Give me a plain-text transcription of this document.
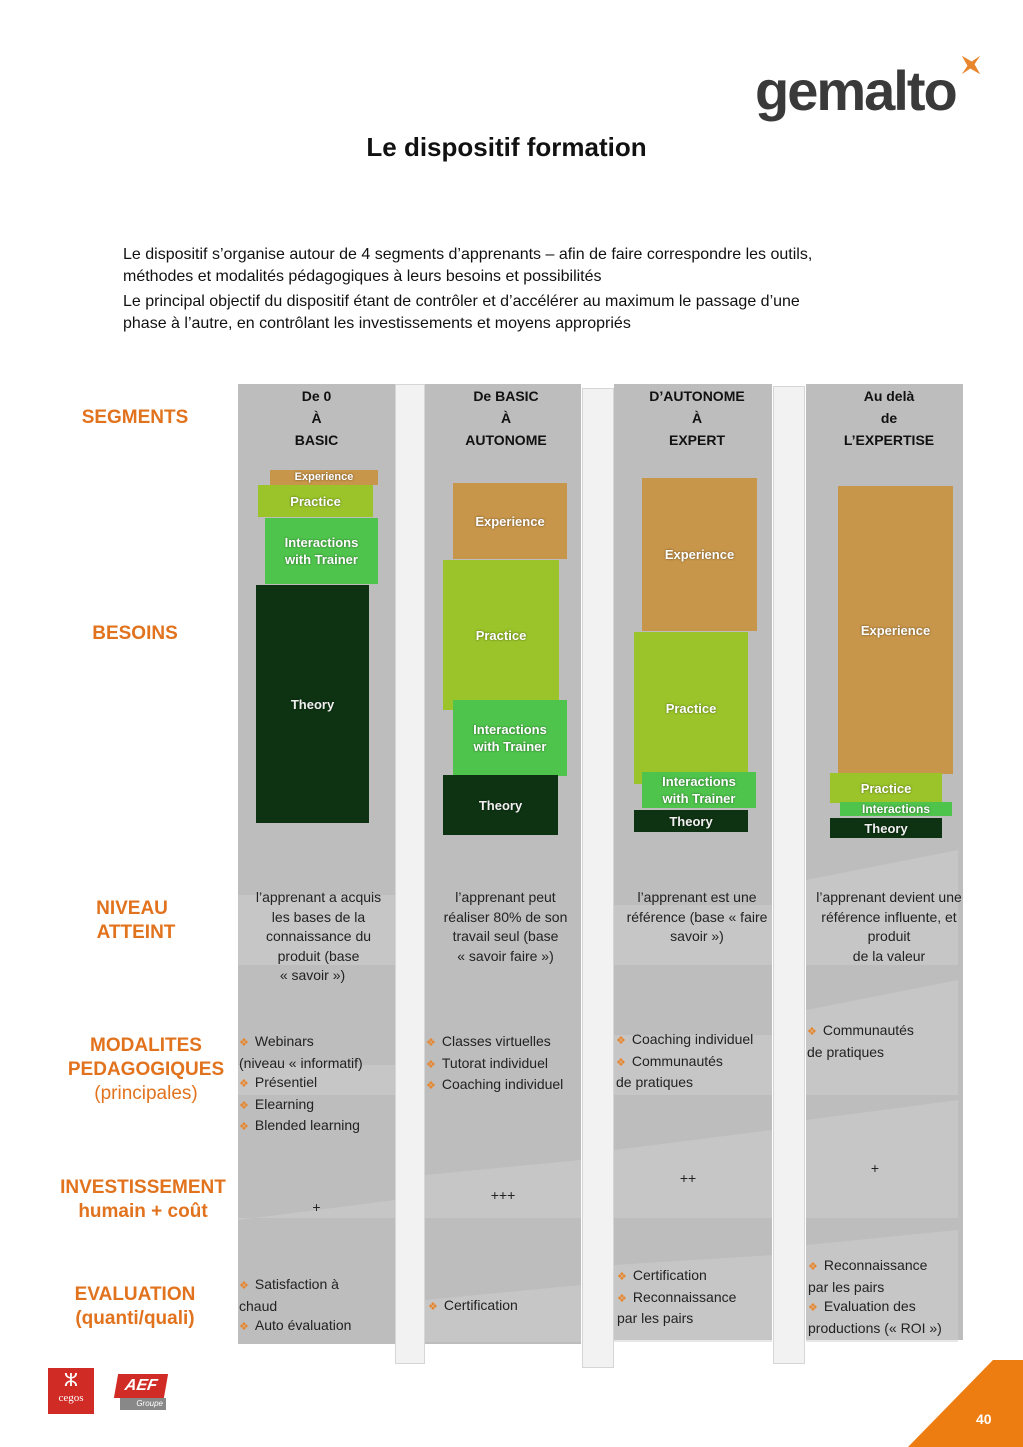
gemalto
Le dispositif formation
Le dispositif s’organise autour de 4 segments d’apprenants – afin de faire correspondre les outils,
méthodes et modalités pédagogiques à leurs besoins et possibilités
Le principal objectif du dispositif étant de contrôler et d’accélérer au maximum le passage d’une
phase à l’autre, en contrôlant les investissements et moyens appropriés
SEGMENTS
BESOINS
NIVEAU
ATTEINT
MODALITES
PEDAGOGIQUES
(principales)
INVESTISSEMENT
humain + coût
EVALUATION
(quanti/quali)
De 0
À
BASIC
De BASIC
À
AUTONOME
D’AUTONOME
À
EXPERT
Au delà
de
L’EXPERTISE
Experience
Practice
Interactions with Trainer
Theory
Experience
Practice
Interactions with Trainer
Theory
Experience
Practice
Interactions with Trainer
Theory
Experience
Practice
Interactions
Theory
l’apprenant a acquis
les bases de la
connaissance du
produit (base
« savoir »)
l’apprenant peut
réaliser 80% de son
travail seul (base
« savoir faire »)
l’apprenant est une
référence (base « faire
savoir »)
l’apprenant devient une
référence influente, et
produit
de la valeur
❖ Webinars
(niveau « informatif)
❖ Présentiel
❖ Elearning
❖ Blended learning
❖ Classes virtuelles
❖ Tutorat individuel
❖ Coaching individuel
❖ Coaching individuel
❖ Communautés
de pratiques
❖ Communautés
de pratiques
+
+++
++
+
❖ Satisfaction à
chaud
❖ Auto évaluation
❖ Certification
❖ Certification
❖ Reconnaissance
par les pairs
❖ Reconnaissance
par les pairs
❖ Evaluation des
productions (« ROI »)
ⵣ
cegos
AEF
Groupe
40
